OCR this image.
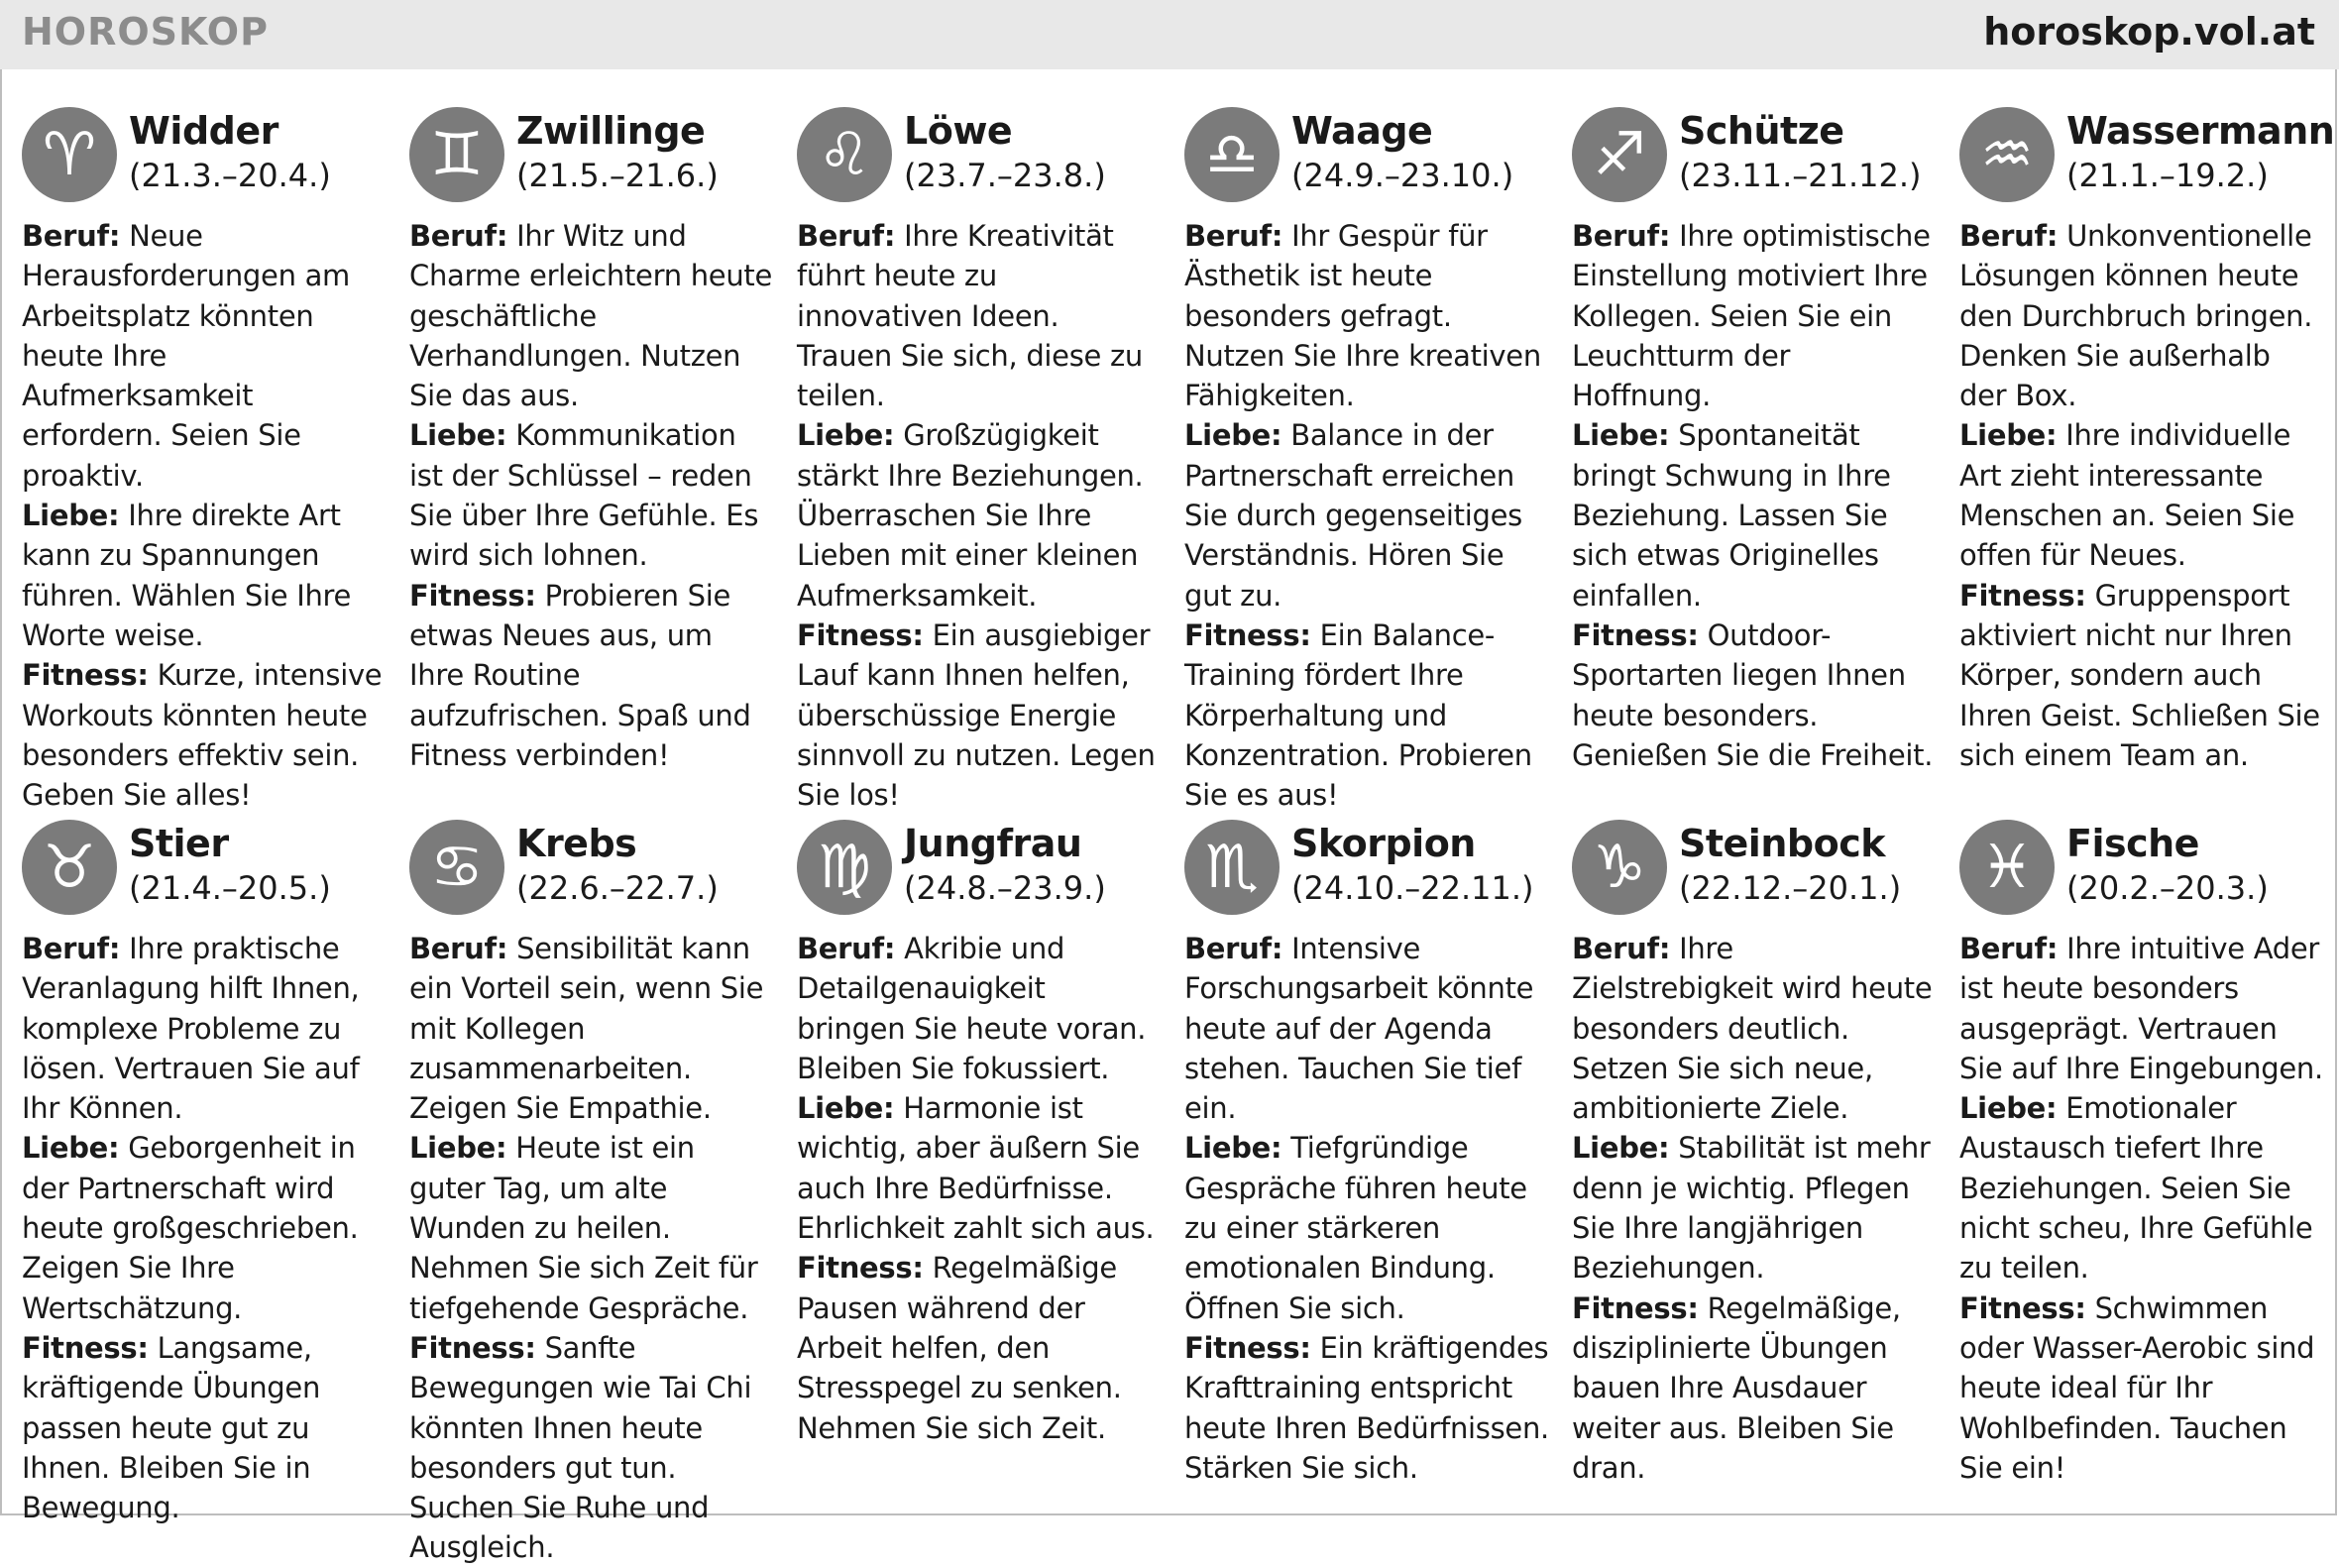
HOROSKOP	horoskop.vol.at
♈ Widder
(21.3.–20.4.)

Beruf: Neue Herausforderungen am Arbeitsplatz könnten heute Ihre Aufmerksamkeit erfordern. Seien Sie proaktiv.
Liebe: Ihre direkte Art kann zu Spannungen führen. Wählen Sie Ihre Worte weise.
Fitness: Kurze, intensive Workouts könnten heute besonders effektiv sein. Geben Sie alles!

♊ Zwillinge
(21.5.–21.6.)

Beruf: Ihr Witz und Charme erleichtern heute geschäftliche Verhandlungen. Nutzen Sie das aus.
Liebe: Kommunikation ist der Schlüssel – reden Sie über Ihre Gefühle. Es wird sich lohnen.
Fitness: Probieren Sie etwas Neues aus, um Ihre Routine aufzufrischen. Spaß und Fitness verbinden!

♌ Löwe
(23.7.–23.8.)

Beruf: Ihre Kreativität führt heute zu innovativen Ideen. Trauen Sie sich, diese zu teilen.
Liebe: Großzügigkeit stärkt Ihre Beziehungen. Überraschen Sie Ihre Lieben mit einer kleinen Aufmerksamkeit.
Fitness: Ein ausgiebiger Lauf kann Ihnen helfen, überschüssige Energie sinnvoll zu nutzen. Legen Sie los!

♎ Waage
(24.9.–23.10.)

Beruf: Ihr Gespür für Ästhetik ist heute besonders gefragt. Nutzen Sie Ihre kreativen Fähigkeiten.
Liebe: Balance in der Partnerschaft erreichen Sie durch gegenseitiges Verständnis. Hören Sie gut zu.
Fitness: Ein Balance-Training fördert Ihre Körperhaltung und Konzentration. Probieren Sie es aus!

♐ Schütze
(23.11.–21.12.)

Beruf: Ihre optimistische Einstellung motiviert Ihre Kollegen. Seien Sie ein Leuchtturm der Hoffnung.
Liebe: Spontaneität bringt Schwung in Ihre Beziehung. Lassen Sie sich etwas Originelles einfallen.
Fitness: Outdoor-Sportarten liegen Ihnen heute besonders. Genießen Sie die Freiheit.

♒ Wassermann
(21.1.–19.2.)

Beruf: Unkonventionelle Lösungen können heute den Durchbruch bringen. Denken Sie außerhalb der Box.
Liebe: Ihre individuelle Art zieht interessante Menschen an. Seien Sie offen für Neues.
Fitness: Gruppensport aktiviert nicht nur Ihren Körper, sondern auch Ihren Geist. Schließen Sie sich einem Team an.

♉ Stier
(21.4.–20.5.)

Beruf: Ihre praktische Veranlagung hilft Ihnen, komplexe Probleme zu lösen. Vertrauen Sie auf Ihr Können.
Liebe: Geborgenheit in der Partnerschaft wird heute großgeschrieben. Zeigen Sie Ihre Wertschätzung.
Fitness: Langsame, kräftigende Übungen passen heute gut zu Ihnen. Bleiben Sie in Bewegung.

♋ Krebs
(22.6.–22.7.)

Beruf: Sensibilität kann ein Vorteil sein, wenn Sie mit Kollegen zusammenarbeiten. Zeigen Sie Empathie.
Liebe: Heute ist ein guter Tag, um alte Wunden zu heilen. Nehmen Sie sich Zeit für tiefgehende Gespräche.
Fitness: Sanfte Bewegungen wie Tai Chi könnten Ihnen heute besonders gut tun. Suchen Sie Ruhe und Ausgleich.

♍ Jungfrau
(24.8.–23.9.)

Beruf: Akribie und Detailgenauigkeit bringen Sie heute voran. Bleiben Sie fokussiert.
Liebe: Harmonie ist wichtig, aber äußern Sie auch Ihre Bedürfnisse. Ehrlichkeit zahlt sich aus.
Fitness: Regelmäßige Pausen während der Arbeit helfen, den Stresspegel zu senken. Nehmen Sie sich Zeit.

♏ Skorpion
(24.10.–22.11.)

Beruf: Intensive Forschungsarbeit könnte heute auf der Agenda stehen. Tauchen Sie tief ein.
Liebe: Tiefgründige Gespräche führen heute zu einer stärkeren emotionalen Bindung. Öffnen Sie sich.
Fitness: Ein kräftigendes Krafttraining entspricht heute Ihren Bedürfnissen. Stärken Sie sich.

♑ Steinbock
(22.12.–20.1.)

Beruf: Ihre Zielstrebigkeit wird heute besonders deutlich. Setzen Sie sich neue, ambitionierte Ziele.
Liebe: Stabilität ist mehr denn je wichtig. Pflegen Sie Ihre langjährigen Beziehungen.
Fitness: Regelmäßige, disziplinierte Übungen bauen Ihre Ausdauer weiter aus. Bleiben Sie dran.

♓ Fische
(20.2.–20.3.)

Beruf: Ihre intuitive Ader ist heute besonders ausgeprägt. Vertrauen Sie auf Ihre Eingebungen.
Liebe: Emotionaler Austausch tiefert Ihre Beziehungen. Seien Sie nicht scheu, Ihre Gefühle zu teilen.
Fitness: Schwimmen oder Wasser-Aerobic sind heute ideal für Ihr Wohlbefinden. Tauchen Sie ein!
